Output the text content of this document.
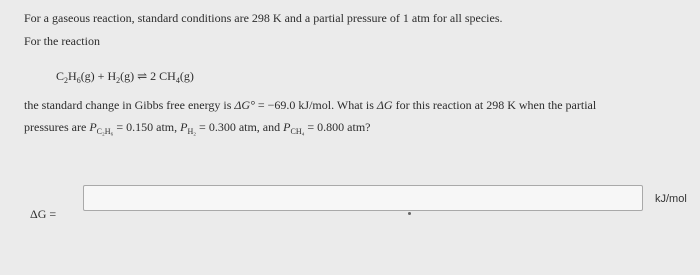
For a gaseous reaction, standard conditions are 298 K and a partial pressure of 1 atm for all species.
For the reaction
$C_2H_6(g) + H_2(g)$ ⇌ 2 $CH_4(g)$
the standard change in Gibbs free energy is ΔG° = −69.0 kJ/mol. What is ΔG for this reaction at 298 K when the partial
pressures are $P_{C_2H_6} = 0.150$ atm, $P_{H_2} = 0.300$ atm, and $P_{CH_4} = 0.800$ atm?
ΔG =
kJ/mol
